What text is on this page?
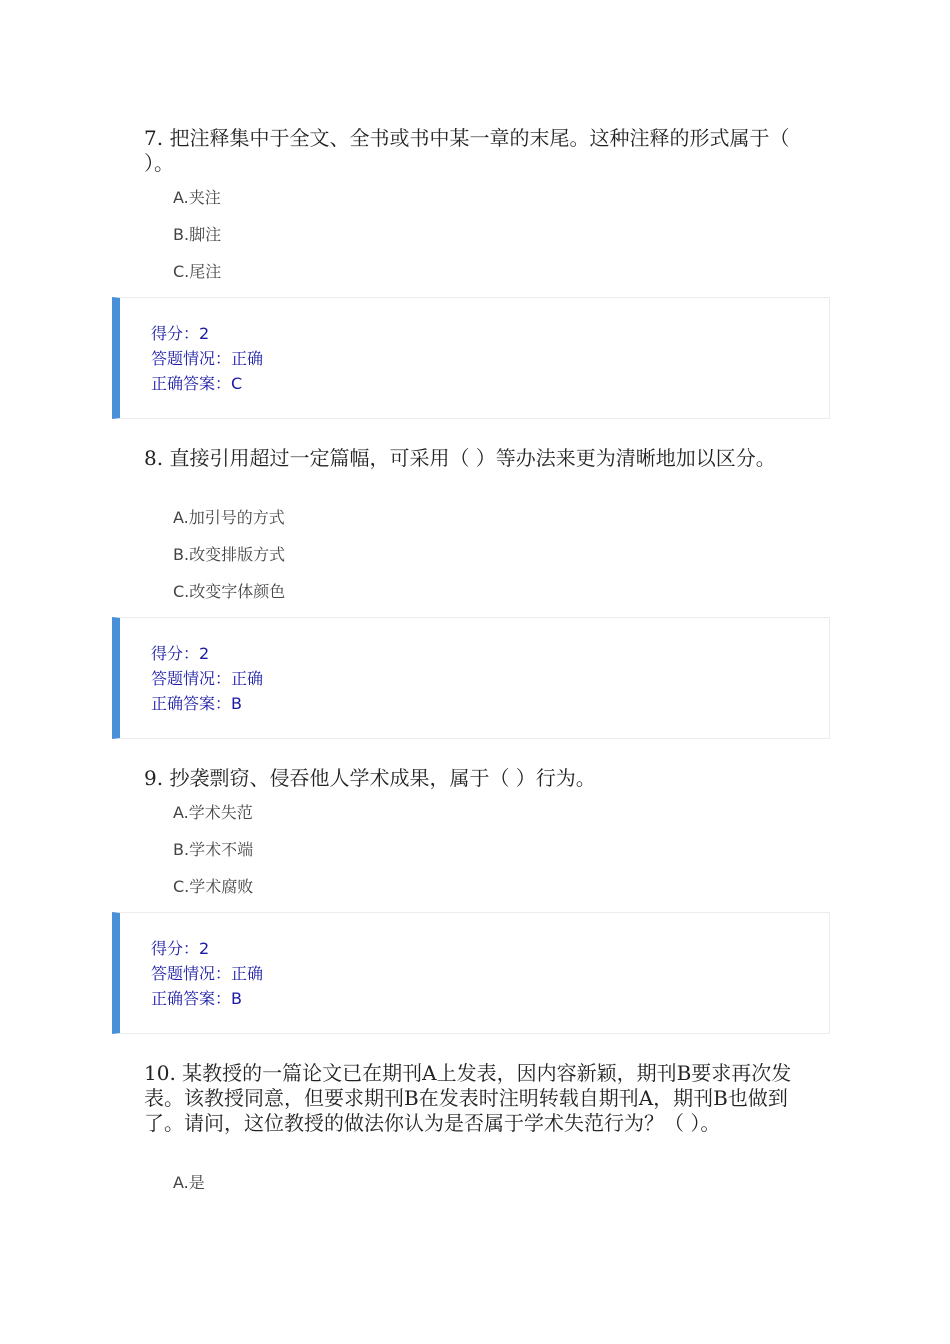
7. 把注释集中于全文、全书或书中某一章的末尾。这种注释的形式属于（ ）。

A.夹注
B.脚注
C.尾注
得分：2
答题情况：正确
正确答案：C

8. 直接引用超过一定篇幅，可采用（ ）等办法来更为清晰地加以区分。

A.加引号的方式
B.改变排版方式
C.改变字体颜色
得分：2
答题情况：正确
正确答案：B

9. 抄袭剽窃、侵吞他人学术成果，属于（ ）行为。

A.学术失范
B.学术不端
C.学术腐败
得分：2
答题情况：正确
正确答案：B

10. 某教授的一篇论文已在期刊A上发表，因内容新颖，期刊B要求再次发表。该教授同意，但要求期刊B在发表时注明转载自期刊A，期刊B也做到了。请问，这位教授的做法你认为是否属于学术失范行为？（ ）。

A.是
